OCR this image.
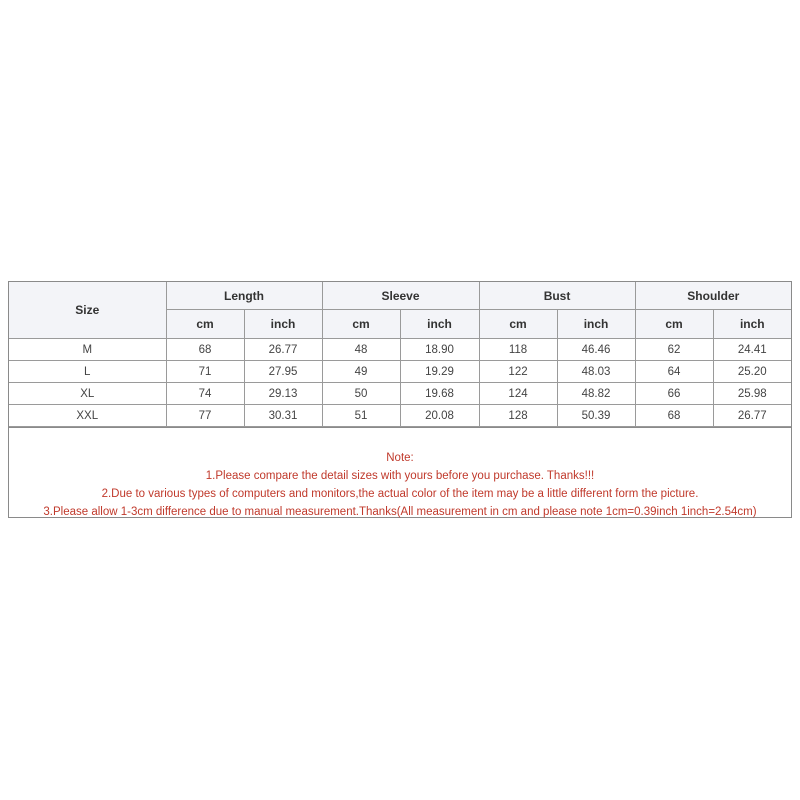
Size	Length		Sleeve		Bust		Shoulder	
	cm	inch	cm	inch	cm	inch	cm	inch
M	68	26.77	48	18.90	118	46.46	62	24.41
L	71	27.95	49	19.29	122	48.03	64	25.20
XL	74	29.13	50	19.68	124	48.82	66	25.98
XXL	77	30.31	51	20.08	128	50.39	68	26.77
Note:
1.Please compare the detail sizes with yours before you purchase. Thanks!!!
2.Due to various types of computers and monitors,the actual color of the item may be a little different form the picture.
3.Please allow 1-3cm difference due to manual measurement.Thanks(All measurement in cm and please note 1cm=0.39inch 1inch=2.54cm)
